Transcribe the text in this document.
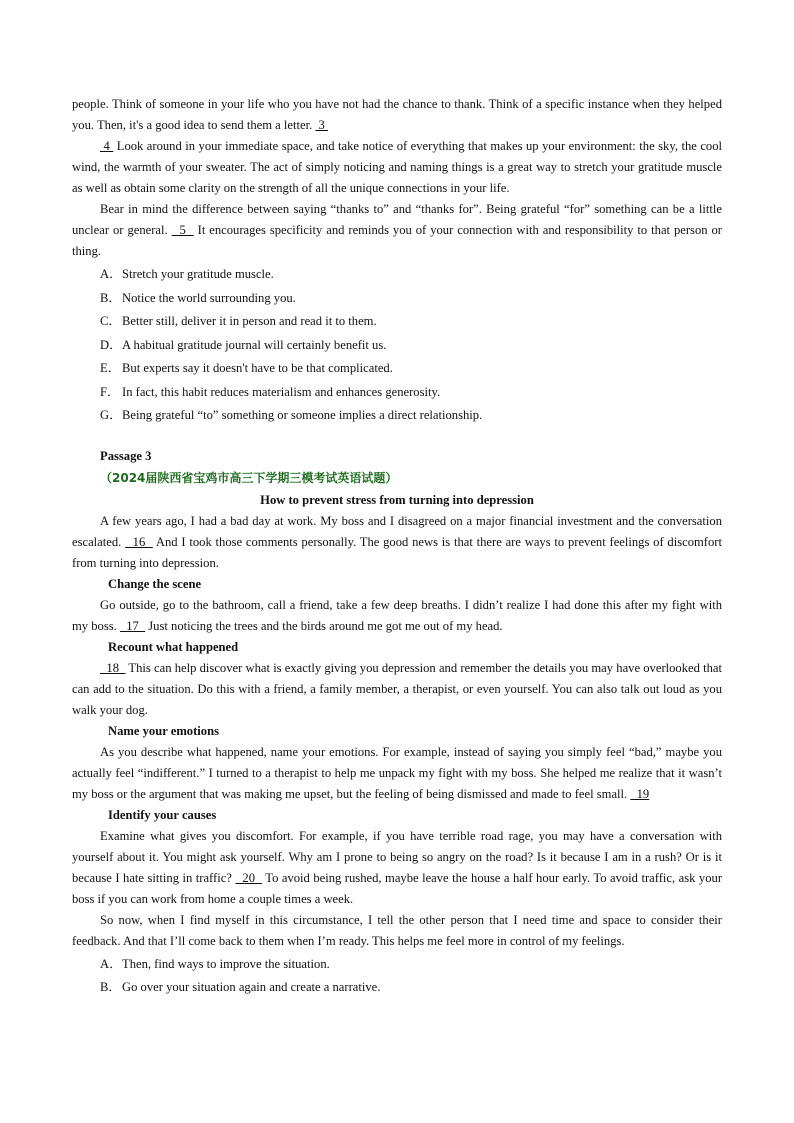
people. Think of someone in your life who you have not had the chance to thank. Think of a specific instance when they helped you. Then, it's a good idea to send them a letter.  3

4  Look around in your immediate space, and take notice of everything that makes up your environment: the sky, the cool wind, the warmth of your sweater. The act of simply noticing and naming things is a great way to stretch your gratitude muscle as well as obtain some clarity on the strength of all the unique connections in your life.

Bear in mind the difference between saying “thanks to” and “thanks for”. Being grateful “for” something can be a little unclear or general.   5   It encourages specificity and reminds you of your connection with and responsibility to that person or thing.

A．Stretch your gratitude muscle.

B．Notice the world surrounding you.

C．Better still, deliver it in person and read it to them.

D．A habitual gratitude journal will certainly benefit us.

E． But experts say it doesn't have to be that complicated.

F． In fact, this habit reduces materialism and enhances generosity.

G．Being grateful “to” something or someone implies a direct relationship.

Passage 3

（2024届陕西省宝鸡市高三下学期三模考试英语试题）

How to prevent stress from turning into depression

A few years ago, I had a bad day at work. My boss and I disagreed on a major financial investment and the conversation escalated.   16   And I took those comments personally. The good news is that there are ways to prevent feelings of discomfort from turning into depression.

Change the scene

Go outside, go to the bathroom, call a friend, take a few deep breaths. I didn’t realize I had done this after my fight with my boss.   17   Just noticing the trees and the birds around me got me out of my head.

Recount what happened

18   This can help discover what is exactly giving you depression and remember the details you may have overlooked that can add to the situation. Do this with a friend, a family member, a therapist, or even yourself. You can also talk out loud as you walk your dog.

Name your emotions

As you describe what happened, name your emotions. For example, instead of saying you simply feel “bad,” maybe you actually feel “indifferent.” I turned to a therapist to help me unpack my fight with my boss. She helped me realize that it wasn’t my boss or the argument that was making me upset, but the feeling of being dismissed and made to feel small.   19

Identify your causes

Examine what gives you discomfort. For example, if you have terrible road rage, you may have a conversation with yourself about it. You might ask yourself. Why am I prone to being so angry on the road? Is it because I am in a rush? Or is it because I hate sitting in traffic?   20   To avoid being rushed, maybe leave the house a half hour early. To avoid traffic, ask your boss if you can work from home a couple times a week.

So now, when I find myself in this circumstance, I tell the other person that I need time and space to consider their feedback. And that I’ll come back to them when I’m ready. This helps me feel more in control of my feelings.

A．Then, find ways to improve the situation.

B．Go over your situation again and create a narrative.
